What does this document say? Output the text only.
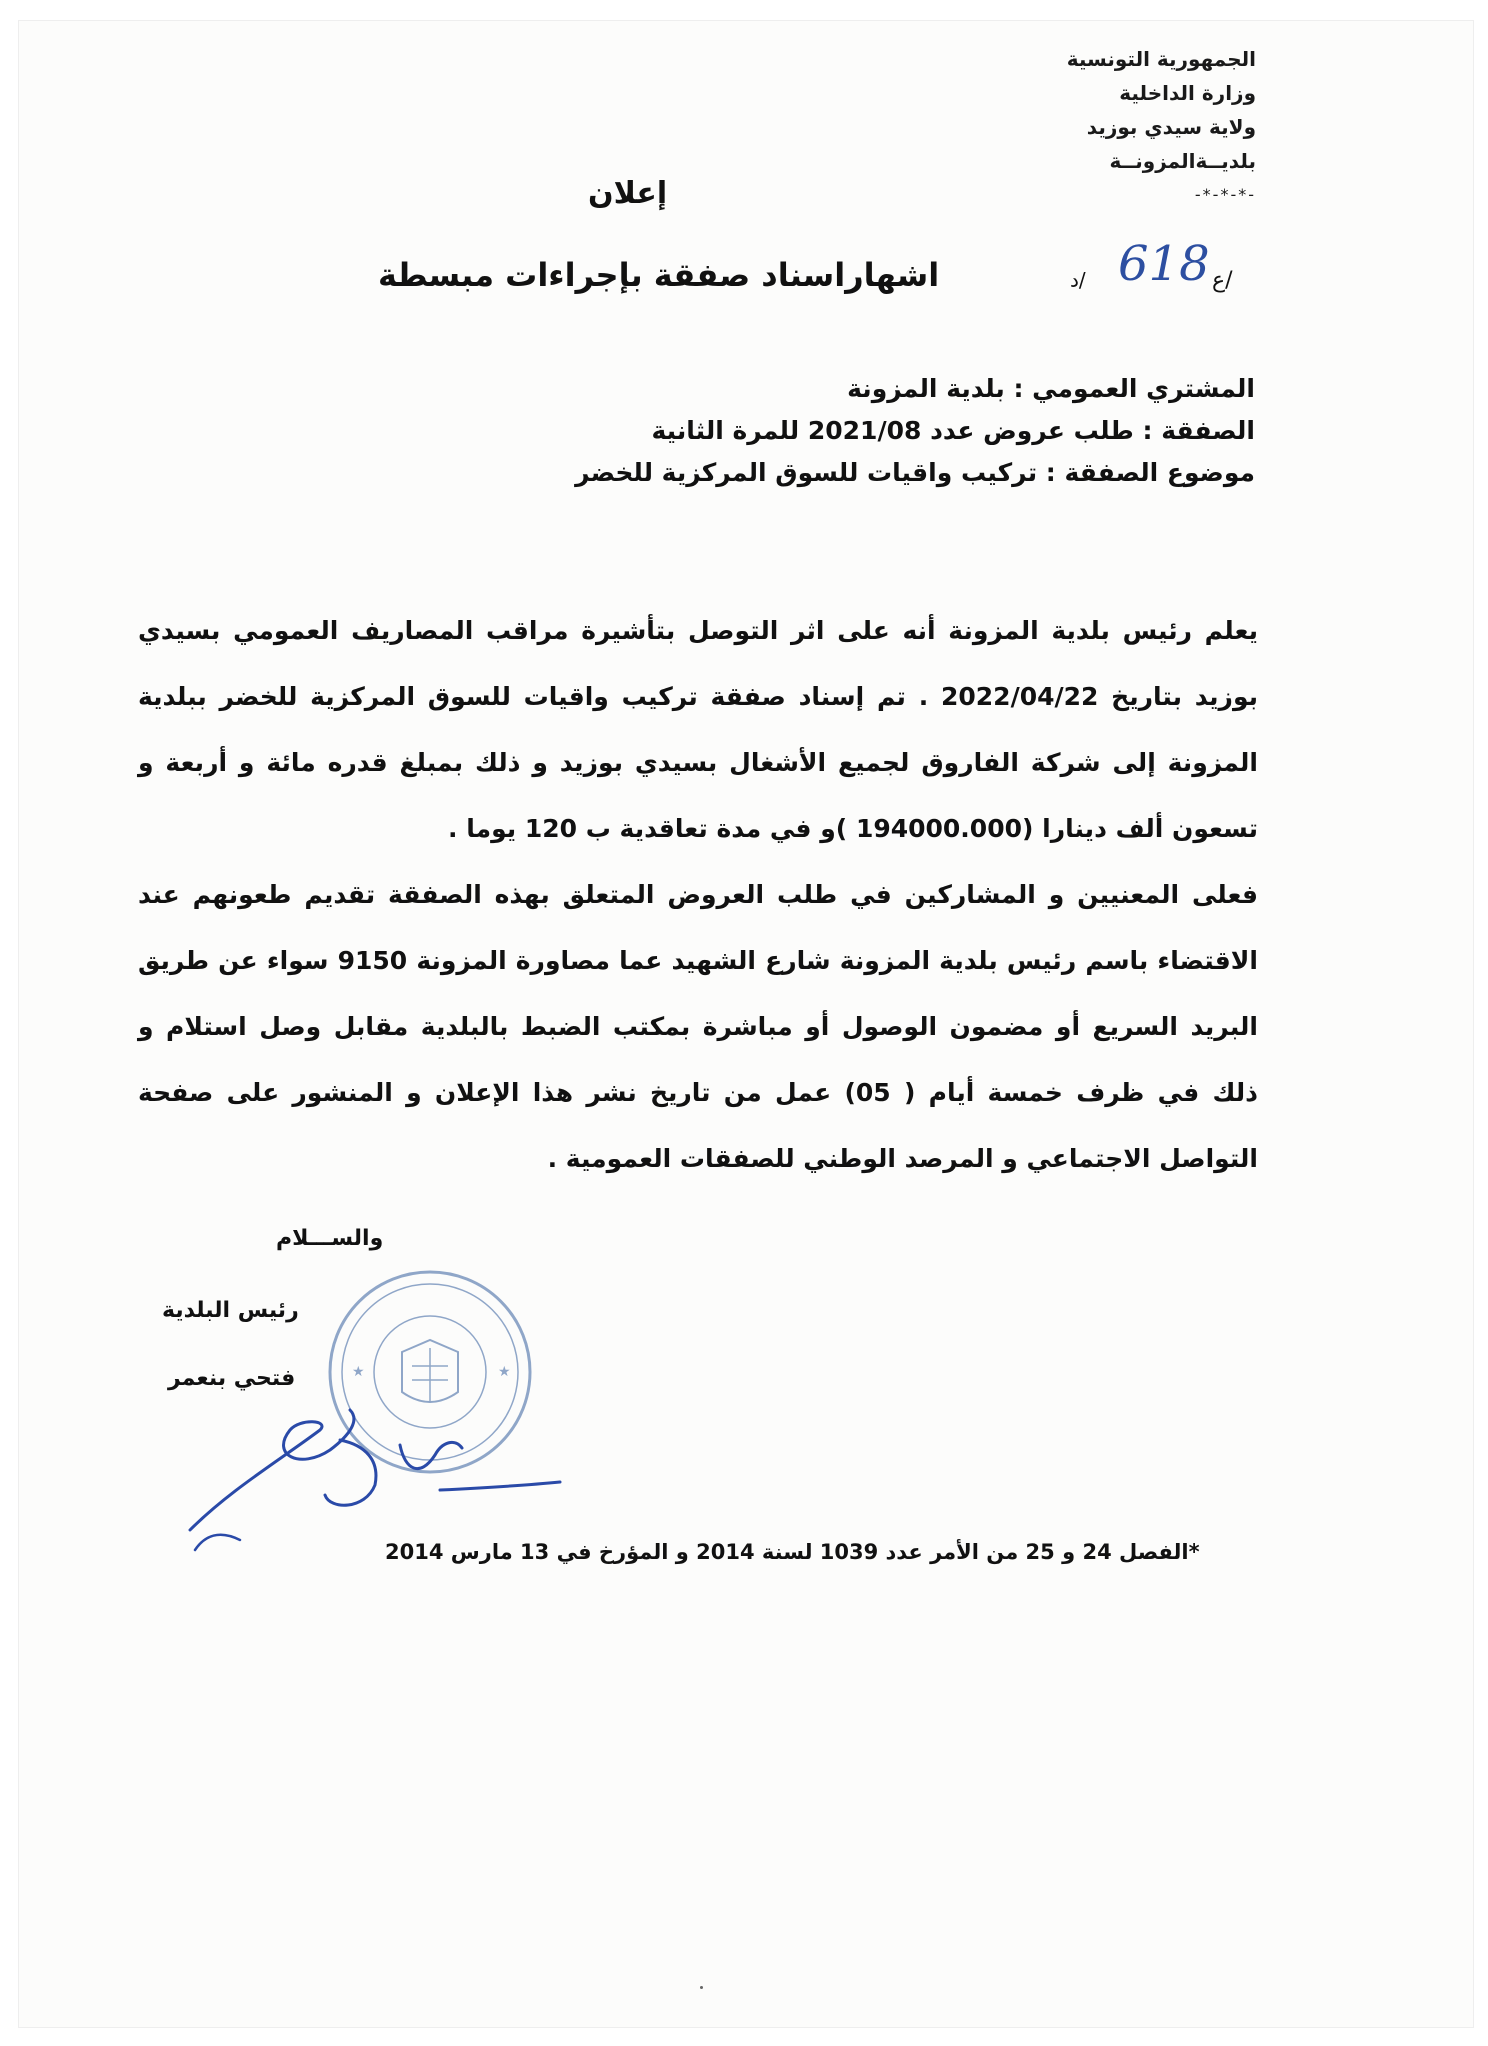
الجمهورية التونسية
وزارة الداخلية
ولاية سيدي بوزيد
بلديــةالمزونــة
-*-*-*-
إعلان
اشهاراسناد صفقة بإجراءات مبسطة	/د 618 ع/
المشتري العمومي : بلدية المزونة
الصفقة : طلب عروض عدد 2021/08 للمرة الثانية
موضوع الصفقة : تركيب واقيات للسوق المركزية للخضر

يعلم رئيس بلدية المزونة أنه على اثر التوصل بتأشيرة مراقب المصاريف العمومي بسيدي بوزيد بتاريخ 2022/04/22 . تم إسناد صفقة تركيب واقيات للسوق المركزية للخضر ببلدية المزونة إلى شركة الفاروق لجميع الأشغال بسيدي بوزيد و ذلك بمبلغ قدره مائة و أربعة و تسعون ألف دينارا (194000.000 )و في مدة تعاقدية ب 120 يوما .

فعلى المعنيين و المشاركين في طلب العروض المتعلق بهذه الصفقة تقديم طعونهم عند الاقتضاء باسم رئيس بلدية المزونة شارع الشهيد عما مصاورة المزونة 9150 سواء عن طريق البريد السريع أو مضمون الوصول أو مباشرة بمكتب الضبط بالبلدية مقابل وصل استلام و ذلك في ظرف خمسة أيام ( 05) عمل من تاريخ نشر هذا الإعلان و المنشور على صفحة التواصل الاجتماعي و المرصد الوطني للصفقات العمومية .

والســـلام
رئيس البلدية
فتحي بنعمر	★	★
*الفصل 24 و 25 من الأمر عدد 1039 لسنة 2014 و المؤرخ في 13 مارس 2014
